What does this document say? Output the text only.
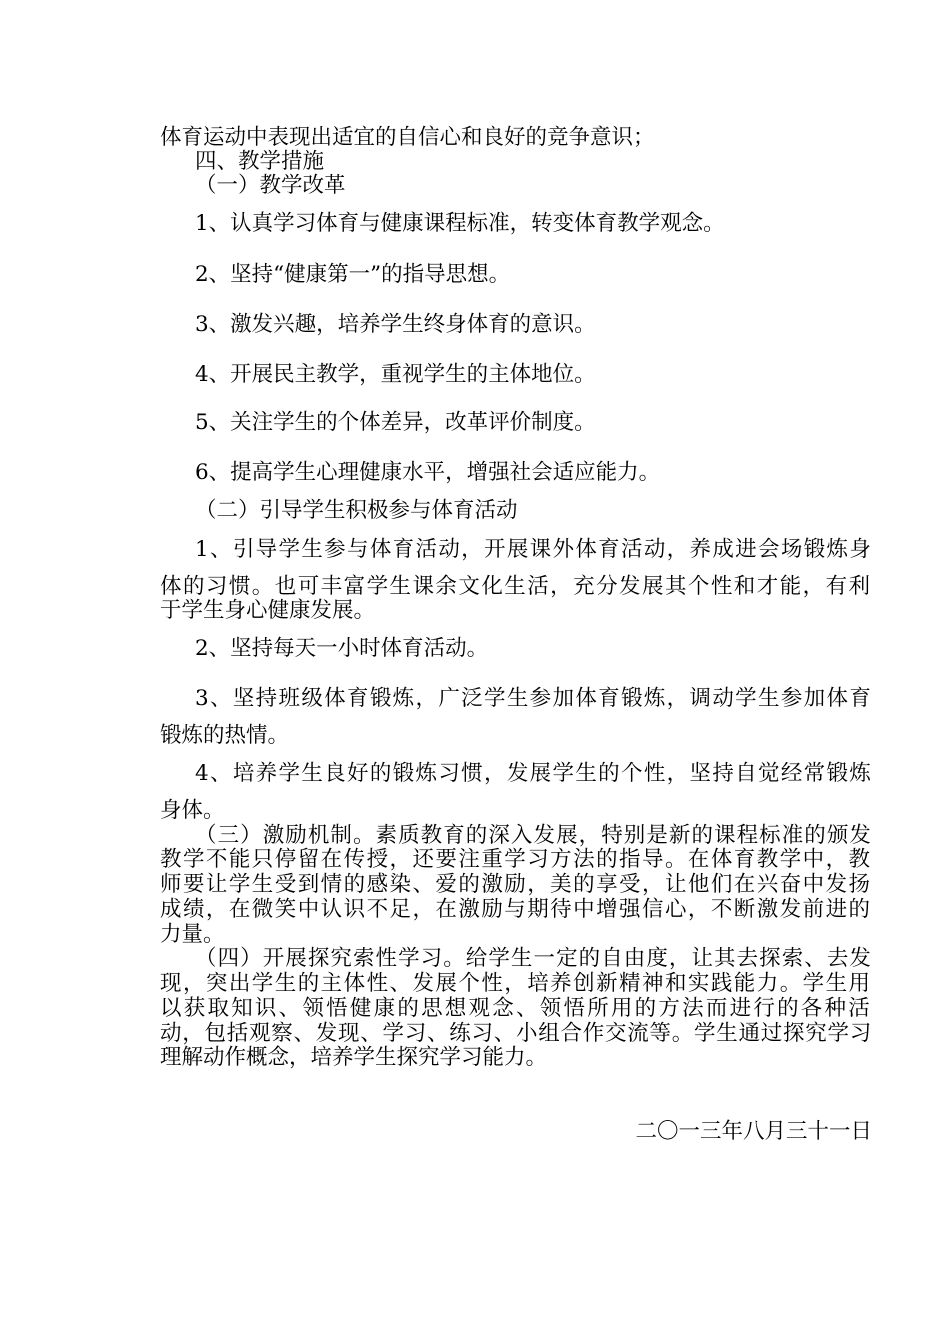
体育运动中表现出适宜的自信心和良好的竞争意识；
四、教学措施
（一）教学改革
1、认真学习体育与健康课程标准，转变体育教学观念。
2、坚持“健康第一”的指导思想。
3、激发兴趣，培养学生终身体育的意识。
4、开展民主教学，重视学生的主体地位。
5、关注学生的个体差异，改革评价制度。
6、提高学生心理健康水平，增强社会适应能力。
（二）引导学生积极参与体育活动
1、引导学生参与体育活动，开展课外体育活动，养成进会场锻炼身
体的习惯。也可丰富学生课余文化生活，充分发展其个性和才能，有利
于学生身心健康发展。
2、坚持每天一小时体育活动。
3、坚持班级体育锻炼，广泛学生参加体育锻炼，调动学生参加体育
锻炼的热情。
4、培养学生良好的锻炼习惯，发展学生的个性，坚持自觉经常锻炼
身体。
（三）激励机制。素质教育的深入发展，特别是新的课程标准的颁发
教学不能只停留在传授，还要注重学习方法的指导。在体育教学中，教
师要让学生受到情的感染、爱的激励，美的享受，让他们在兴奋中发扬
成绩，在微笑中认识不足，在激励与期待中增强信心，不断激发前进的
力量。
（四）开展探究索性学习。给学生一定的自由度，让其去探索、去发
现，突出学生的主体性、发展个性，培养创新精神和实践能力。学生用
以获取知识、领悟健康的思想观念、领悟所用的方法而进行的各种活
动，包括观察、发现、学习、练习、小组合作交流等。学生通过探究学习
理解动作概念，培养学生探究学习能力。
二〇一三年八月三十一日
